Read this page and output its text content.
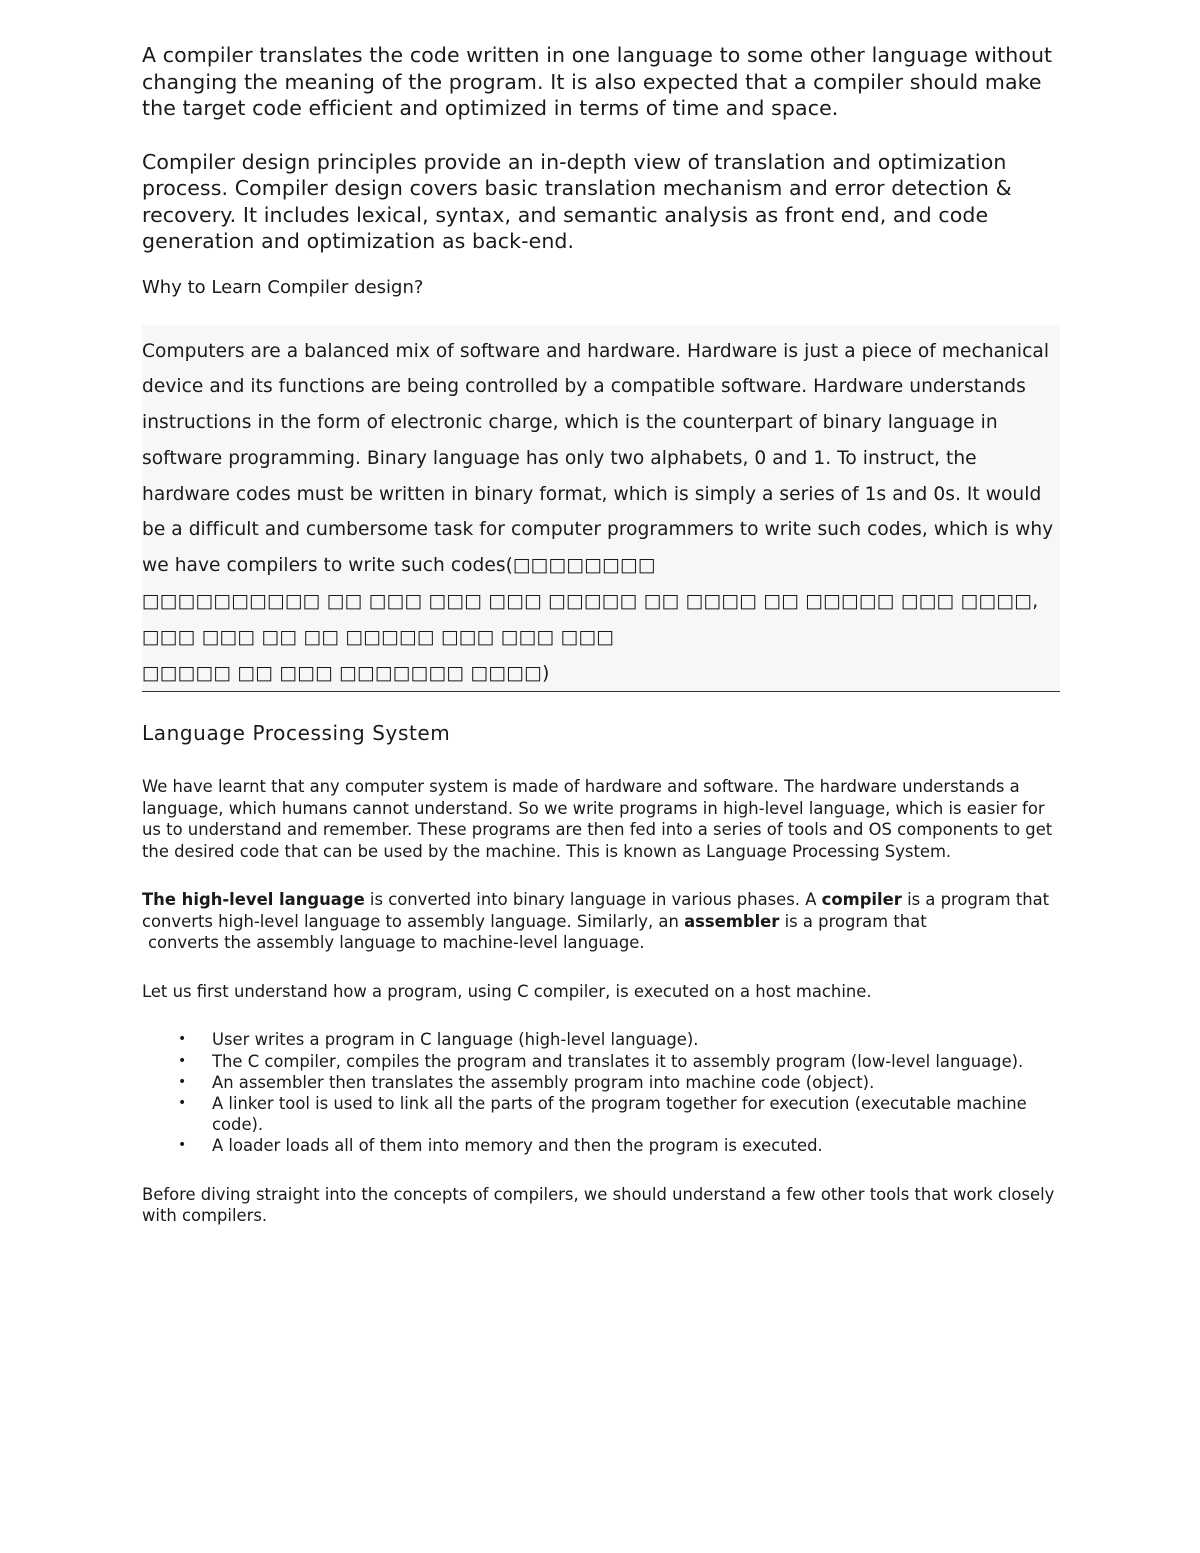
A compiler translates the code written in one language to some other language without changing the meaning of the program. It is also expected that a compiler should make the target code efficient and optimized in terms of time and space.

Compiler design principles provide an in-depth view of translation and optimization process. Compiler design covers basic translation mechanism and error detection & recovery. It includes lexical, syntax, and semantic analysis as front end, and code generation and optimization as back-end.

Why to Learn Compiler design?

Computers are a balanced mix of software and hardware. Hardware is just a piece of mechanical device and its functions are being controlled by a compatible software. Hardware understands instructions in the form of electronic charge, which is the counterpart of binary language in software programming. Binary language has only two alphabets, 0 and 1. To instruct, the hardware codes must be written in binary format, which is simply a series of 1s and 0s. It would be a difficult and cumbersome task for computer programmers to write such codes, which is why we have compilers to write such codes(□□□□□□□□
□□□□□□□□□□ □□ □□□ □□□ □□□ □□□□□ □□ □□□□ □□ □□□□□ □□□ □□□□, □□□ □□□ □□ □□ □□□□□ □□□ □□□ □□□
□□□□□ □□ □□□ □□□□□□□ □□□□)

Language Processing System

We have learnt that any computer system is made of hardware and software. The hardware understands a language, which humans cannot understand. So we write programs in high-level language, which is easier for us to understand and remember. These programs are then fed into a series of tools and OS components to get the desired code that can be used by the machine. This is known as Language Processing System.

The high-level language is converted into binary language in various phases. A compiler is a program that converts high-level language to assembly language. Similarly, an assembler is a program that
converts the assembly language to machine-level language.

Let us first understand how a program, using C compiler, is executed on a host machine.

• User writes a program in C language (high-level language).
• The C compiler, compiles the program and translates it to assembly program (low-level language).
• An assembler then translates the assembly program into machine code (object).
• A linker tool is used to link all the parts of the program together for execution (executable machine code).
• A loader loads all of them into memory and then the program is executed.

Before diving straight into the concepts of compilers, we should understand a few other tools that work closely with compilers.
